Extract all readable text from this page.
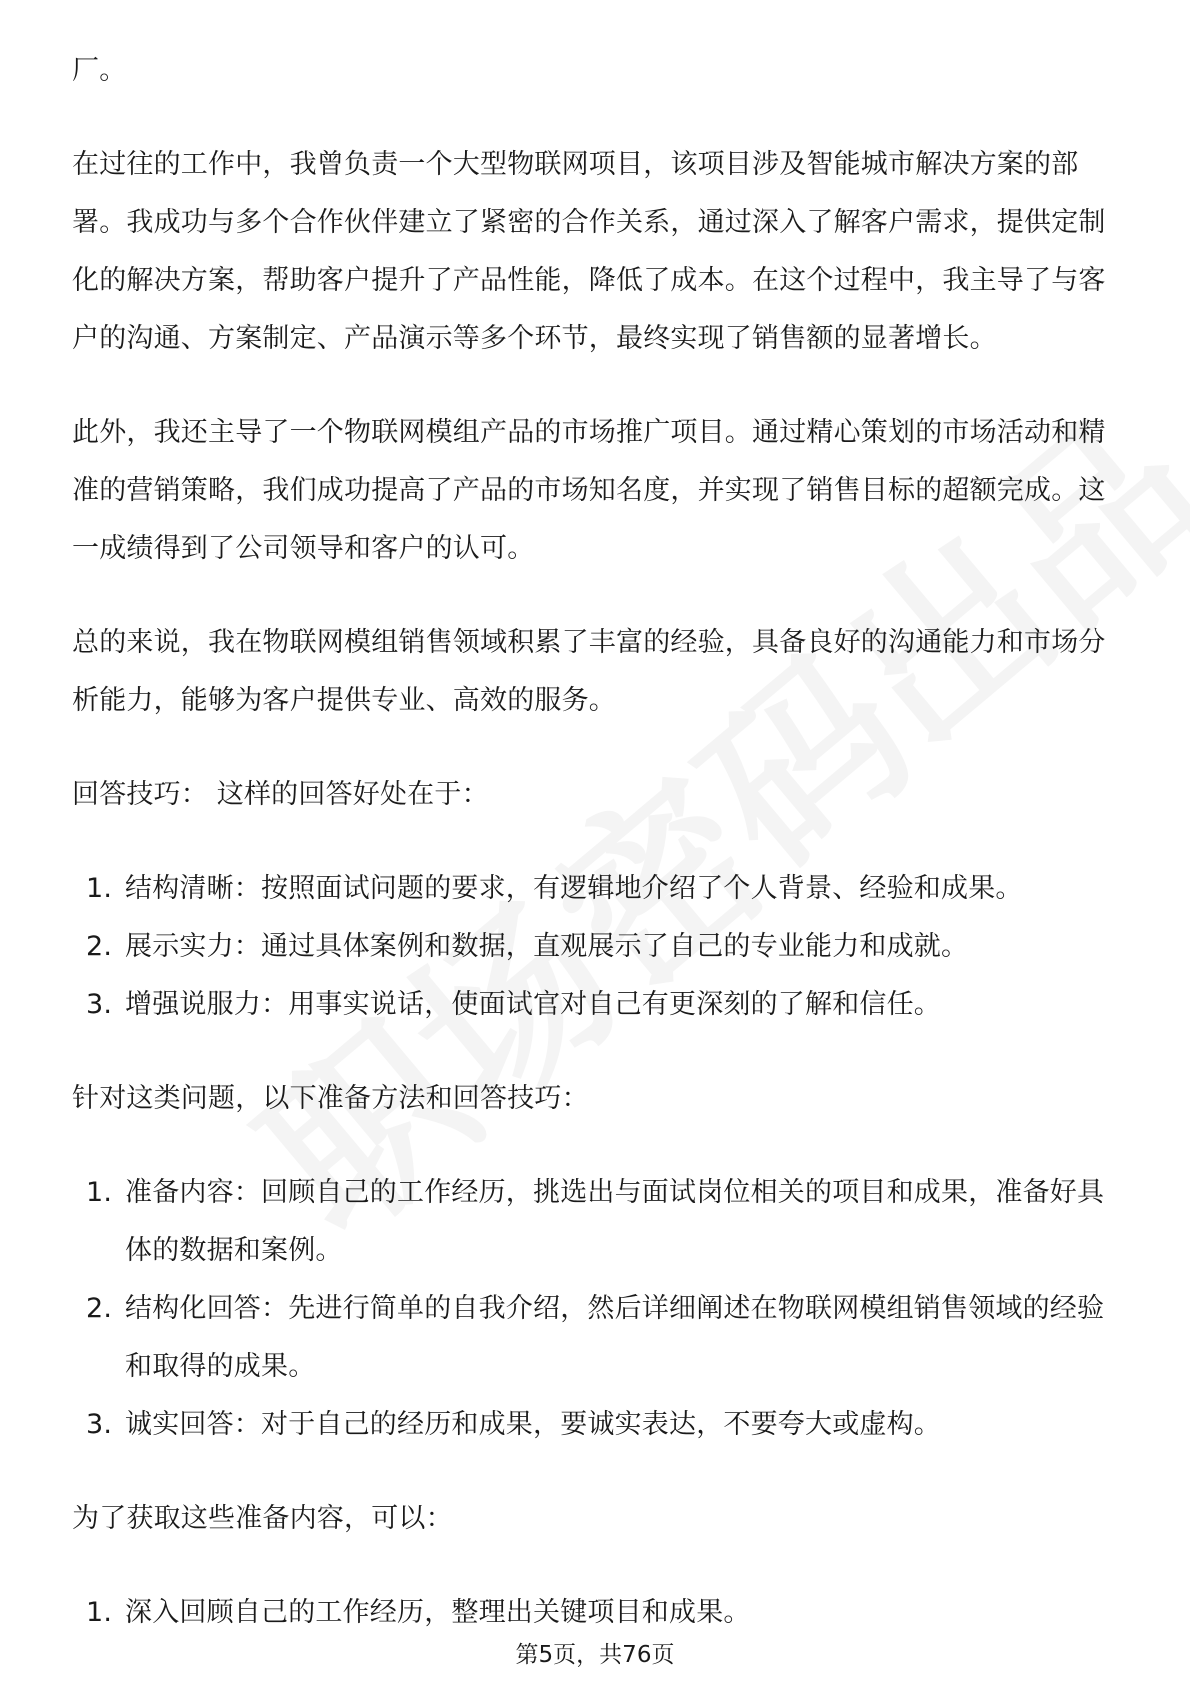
厂。

在过往的工作中，我曾负责一个大型物联网项目，该项目涉及智能城市解决方案的部署。我成功与多个合作伙伴建立了紧密的合作关系，通过深入了解客户需求，提供定制化的解决方案，帮助客户提升了产品性能，降低了成本。在这个过程中，我主导了与客户的沟通、方案制定、产品演示等多个环节，最终实现了销售额的显著增长。

此外，我还主导了一个物联网模组产品的市场推广项目。通过精心策划的市场活动和精准的营销策略，我们成功提高了产品的市场知名度，并实现了销售目标的超额完成。这一成绩得到了公司领导和客户的认可。

总的来说，我在物联网模组销售领域积累了丰富的经验，具备良好的沟通能力和市场分析能力，能够为客户提供专业、高效的服务。

回答技巧： 这样的回答好处在于：

1. 结构清晰：按照面试问题的要求，有逻辑地介绍了个人背景、经验和成果。
2. 展示实力：通过具体案例和数据，直观展示了自己的专业能力和成就。
3. 增强说服力：用事实说话，使面试官对自己有更深刻的了解和信任。

针对这类问题，以下准备方法和回答技巧：

1. 准备内容：回顾自己的工作经历，挑选出与面试岗位相关的项目和成果，准备好具体的数据和案例。
2. 结构化回答：先进行简单的自我介绍，然后详细阐述在物联网模组销售领域的经验和取得的成果。
3. 诚实回答：对于自己的经历和成果，要诚实表达，不要夸大或虚构。

为了获取这些准备内容，可以：

1. 深入回顾自己的工作经历，整理出关键项目和成果。
第5页，共76页
